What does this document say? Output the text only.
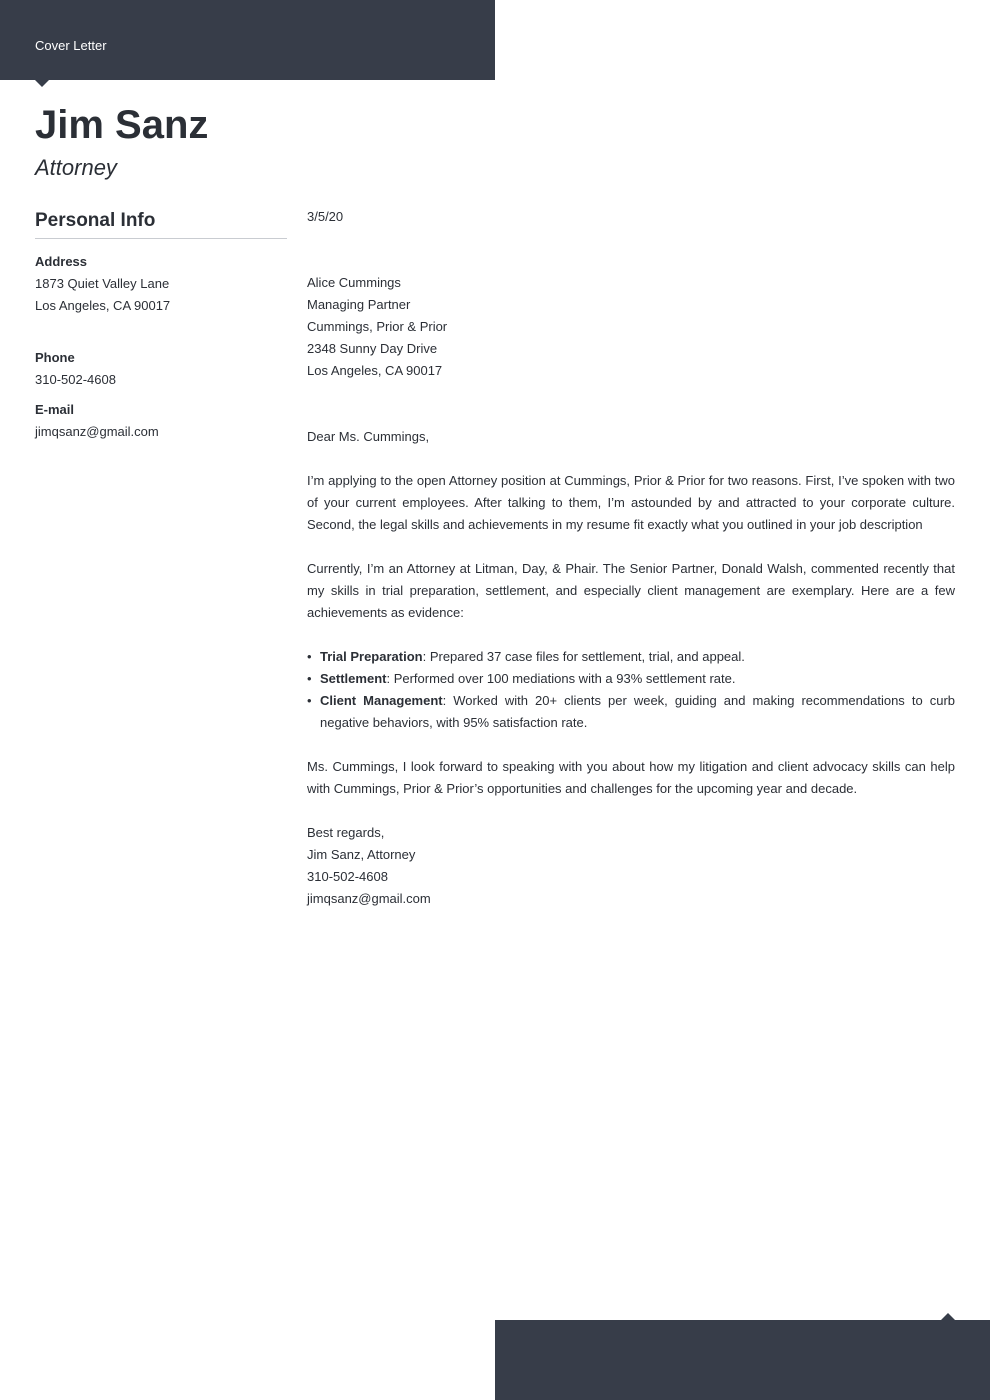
Cover Letter
Jim Sanz
Attorney
Personal Info
Address
1873 Quiet Valley Lane
Los Angeles, CA 90017
Phone
310-502-4608
E-mail
jimqsanz@gmail.com
3/5/20
Alice Cummings
Managing Partner
Cummings, Prior & Prior
2348 Sunny Day Drive
Los Angeles, CA 90017
Dear Ms. Cummings,

I’m applying to the open Attorney position at Cummings, Prior & Prior for two reasons. First, I’ve spoken with two of your current employees. After talking to them, I’m astounded by and attracted to your corporate culture. Second, the legal skills and achievements in my resume fit exactly what you outlined in your job description

Currently, I’m an Attorney at Litman, Day, & Phair. The Senior Partner, Donald Walsh, commented recently that my skills in trial preparation, settlement, and especially client management are exemplary. Here are a few achievements as evidence:

• Trial Preparation: Prepared 37 case files for settlement, trial, and appeal.
• Settlement: Performed over 100 mediations with a 93% settlement rate.
• Client Management: Worked with 20+ clients per week, guiding and making recommendations to curb negative behaviors, with 95% satisfaction rate.

Ms. Cummings, I look forward to speaking with you about how my litigation and client advocacy skills can help with Cummings, Prior & Prior’s opportunities and challenges for the upcoming year and decade.

Best regards,
Jim Sanz, Attorney
310-502-4608
jimqsanz@gmail.com
